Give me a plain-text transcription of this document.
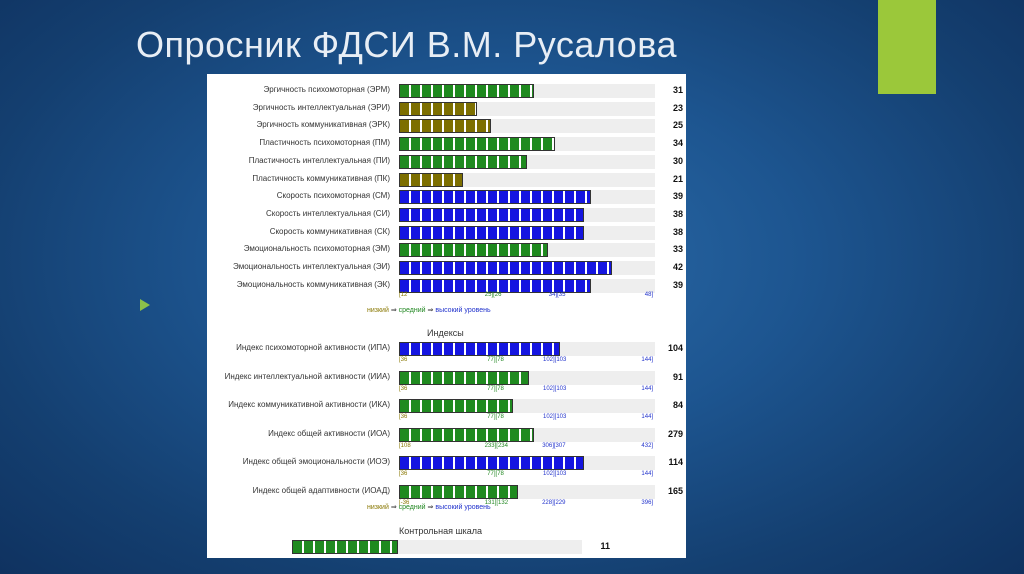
Опросник ФДСИ В.М. Русалова
Эргичность психомоторная (ЭРМ)	31
Эргичность интеллектуальная (ЭРИ)	23
Эргичность коммуникативная (ЭРК)	25
Пластичность психомоторная (ПМ)	34
Пластичность интеллектуальная (ПИ)	30
Пластичность коммуникативная (ПК)	21
Скорость психомоторная (СМ)	39
Скорость интеллектуальная (СИ)	38
Скорость коммуникативная (СК)	38
Эмоциональность психомоторная (ЭМ)	33
Эмоциональность интеллектуальная (ЭИ)	42
Эмоциональность коммуникативная (ЭК)	39
[12	25][26	34][35	48]
низкий ⇒ средний ⇒ высокий уровень
Индексы
Индекс психомоторной активности (ИПА)	104
[36	77][78	102][103	144]
Индекс интеллектуальной активности (ИИА)	91
[36	77][78	102][103	144]
Индекс коммуникативной активности (ИКА)	84
[36	77][78	102][103	144]
Индекс общей активности (ИОА)	279
[108	233][234	306][307	432]
Индекс общей эмоциональности (ИОЭ)	114
[36	77][78	102][103	144]
Индекс общей адаптивности (ИОАД)	165
[-36	131][132	228][229	396]
низкий ⇒ средний ⇒ высокий уровень
Контрольная шкала
11
